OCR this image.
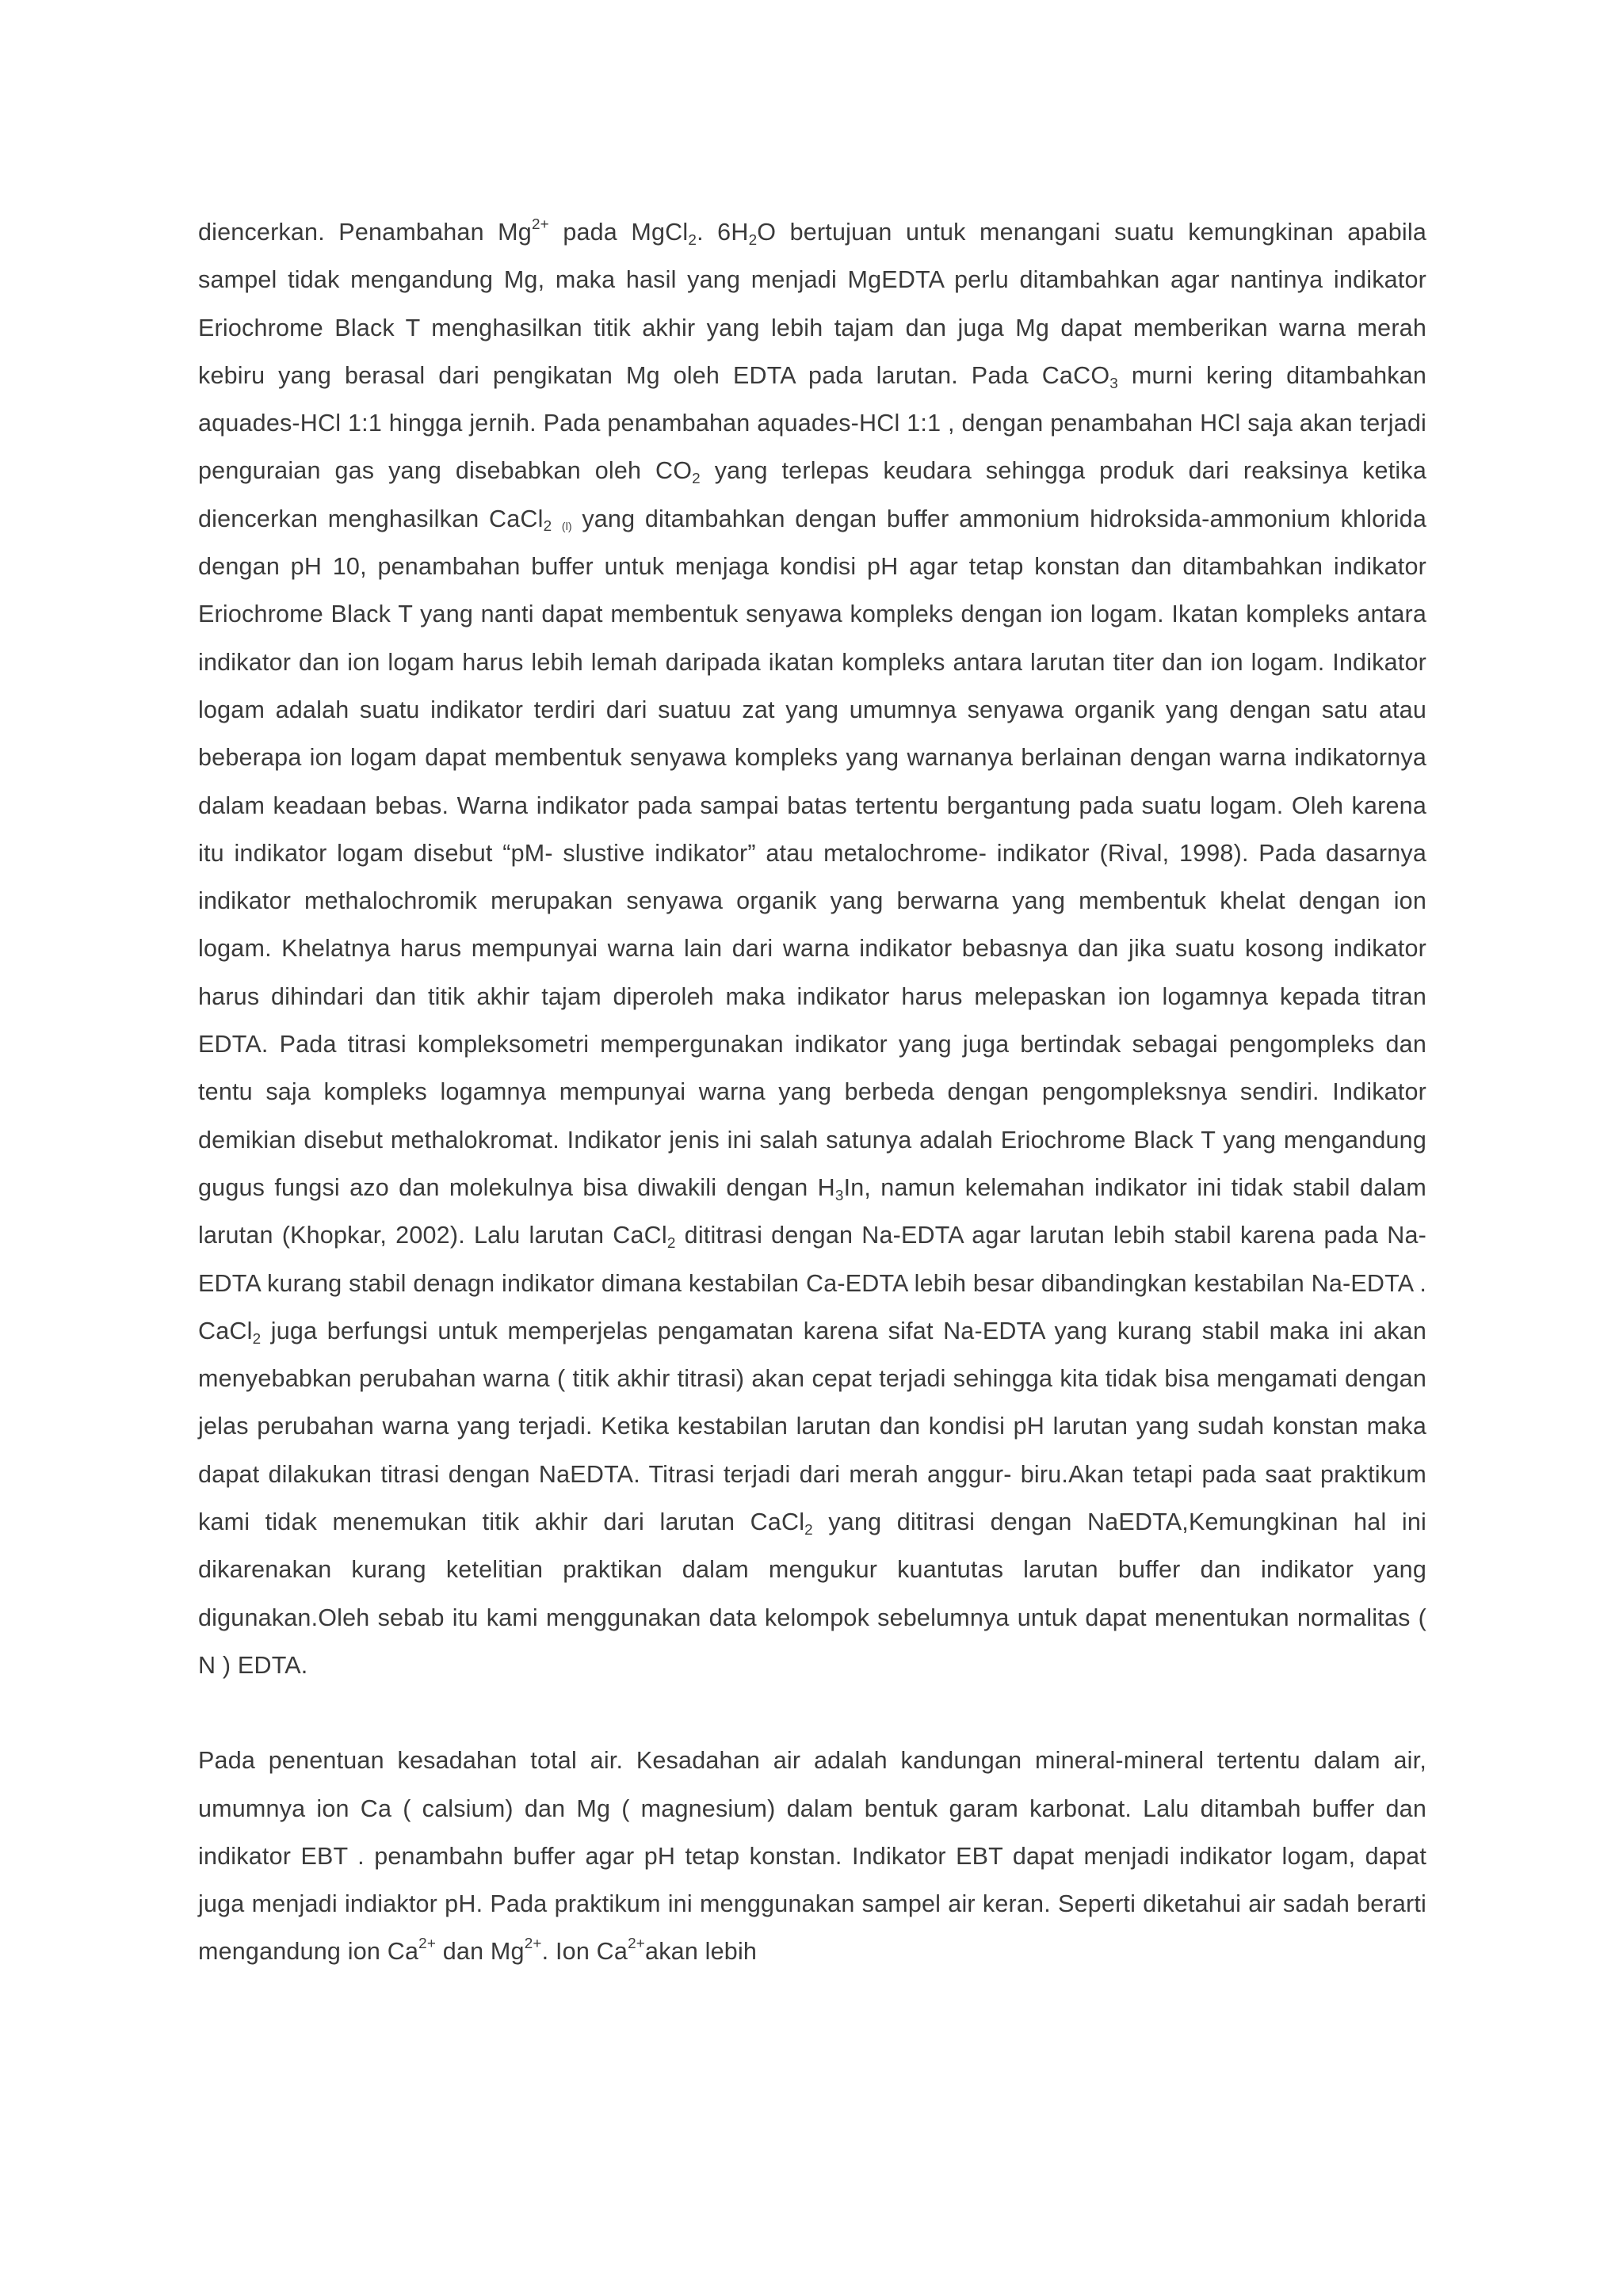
diencerkan. Penambahan $Mg^{2+}$ pada MgCl$_2$. $6H_2O$ bertujuan untuk menangani suatu kemungkinan apabila sampel tidak mengandung Mg, maka hasil yang menjadi MgEDTA perlu ditambahkan agar nantinya indikator Eriochrome Black T menghasilkan titik akhir yang lebih tajam dan juga Mg dapat memberikan warna merah kebiru yang berasal dari pengikatan Mg oleh EDTA pada larutan. Pada CaCO$_3$ murni kering ditambahkan aquades-HCl 1:1 hingga jernih. Pada penambahan aquades-HCl 1:1 , dengan penambahan HCl saja akan terjadi penguraian gas yang disebabkan oleh $CO_2$ yang terlepas keudara sehingga produk dari reaksinya ketika diencerkan menghasilkan CaCl$_2$ $_{(l)}$ yang ditambahkan dengan buffer ammonium hidroksida-ammonium khlorida dengan pH 10, penambahan buffer untuk menjaga kondisi pH agar tetap konstan dan ditambahkan indikator Eriochrome Black T yang nanti dapat membentuk senyawa kompleks dengan ion logam. Ikatan kompleks antara indikator dan ion logam harus lebih lemah daripada ikatan kompleks antara larutan titer dan ion logam. Indikator logam adalah suatu indikator terdiri dari suatuu zat yang umumnya senyawa organik yang dengan satu atau beberapa ion logam dapat membentuk senyawa kompleks yang warnanya berlainan dengan warna indikatornya dalam keadaan bebas. Warna indikator pada sampai batas tertentu bergantung pada suatu logam. Oleh karena itu indikator logam disebut “pM- slustive indikator” atau metalochrome- indikator (Rival, 1998). Pada dasarnya indikator methalochromik merupakan senyawa organik yang berwarna yang membentuk khelat dengan ion logam. Khelatnya harus mempunyai warna lain dari warna indikator bebasnya dan jika suatu kosong indikator harus dihindari dan titik akhir tajam diperoleh maka indikator harus melepaskan ion logamnya kepada titran EDTA. Pada titrasi kompleksometri mempergunakan indikator yang juga bertindak sebagai pengompleks dan tentu saja kompleks logamnya mempunyai warna yang berbeda dengan pengompleksnya sendiri. Indikator demikian disebut methalokromat. Indikator jenis ini salah satunya adalah Eriochrome Black T yang mengandung gugus fungsi azo dan molekulnya bisa diwakili dengan $H_3In$, namun kelemahan indikator ini tidak stabil dalam larutan (Khopkar, 2002). Lalu larutan CaCl$_2$ dititrasi dengan Na-EDTA agar larutan lebih stabil karena pada Na-EDTA kurang stabil denagn indikator dimana kestabilan Ca-EDTA lebih besar dibandingkan kestabilan Na-EDTA . CaCl$_2$ juga berfungsi untuk memperjelas pengamatan karena sifat Na-EDTA yang kurang stabil maka ini akan menyebabkan perubahan warna ( titik akhir titrasi) akan cepat terjadi sehingga kita tidak bisa mengamati dengan jelas perubahan warna yang terjadi. Ketika kestabilan larutan dan kondisi pH larutan yang sudah konstan maka dapat dilakukan titrasi dengan NaEDTA. Titrasi terjadi dari merah anggur- biru.Akan tetapi pada saat praktikum kami tidak menemukan titik akhir dari larutan CaCl$_2$ yang dititrasi dengan NaEDTA,Kemungkinan hal ini dikarenakan kurang ketelitian praktikan dalam mengukur kuantutas larutan buffer dan indikator yang digunakan.Oleh sebab itu kami menggunakan data kelompok sebelumnya untuk dapat menentukan normalitas ( N ) EDTA.

Pada penentuan kesadahan total air. Kesadahan air adalah kandungan mineral-mineral tertentu dalam air, umumnya ion Ca ( calsium) dan Mg ( magnesium) dalam bentuk garam karbonat. Lalu ditambah buffer dan indikator EBT . penambahn buffer agar pH tetap konstan. Indikator EBT dapat menjadi indikator logam, dapat juga menjadi indiaktor pH. Pada praktikum ini menggunakan sampel air keran. Seperti diketahui air sadah berarti mengandung ion $Ca^{2+}$ dan $Mg^{2+}$. Ion $Ca^{2+}akan$ lebih
